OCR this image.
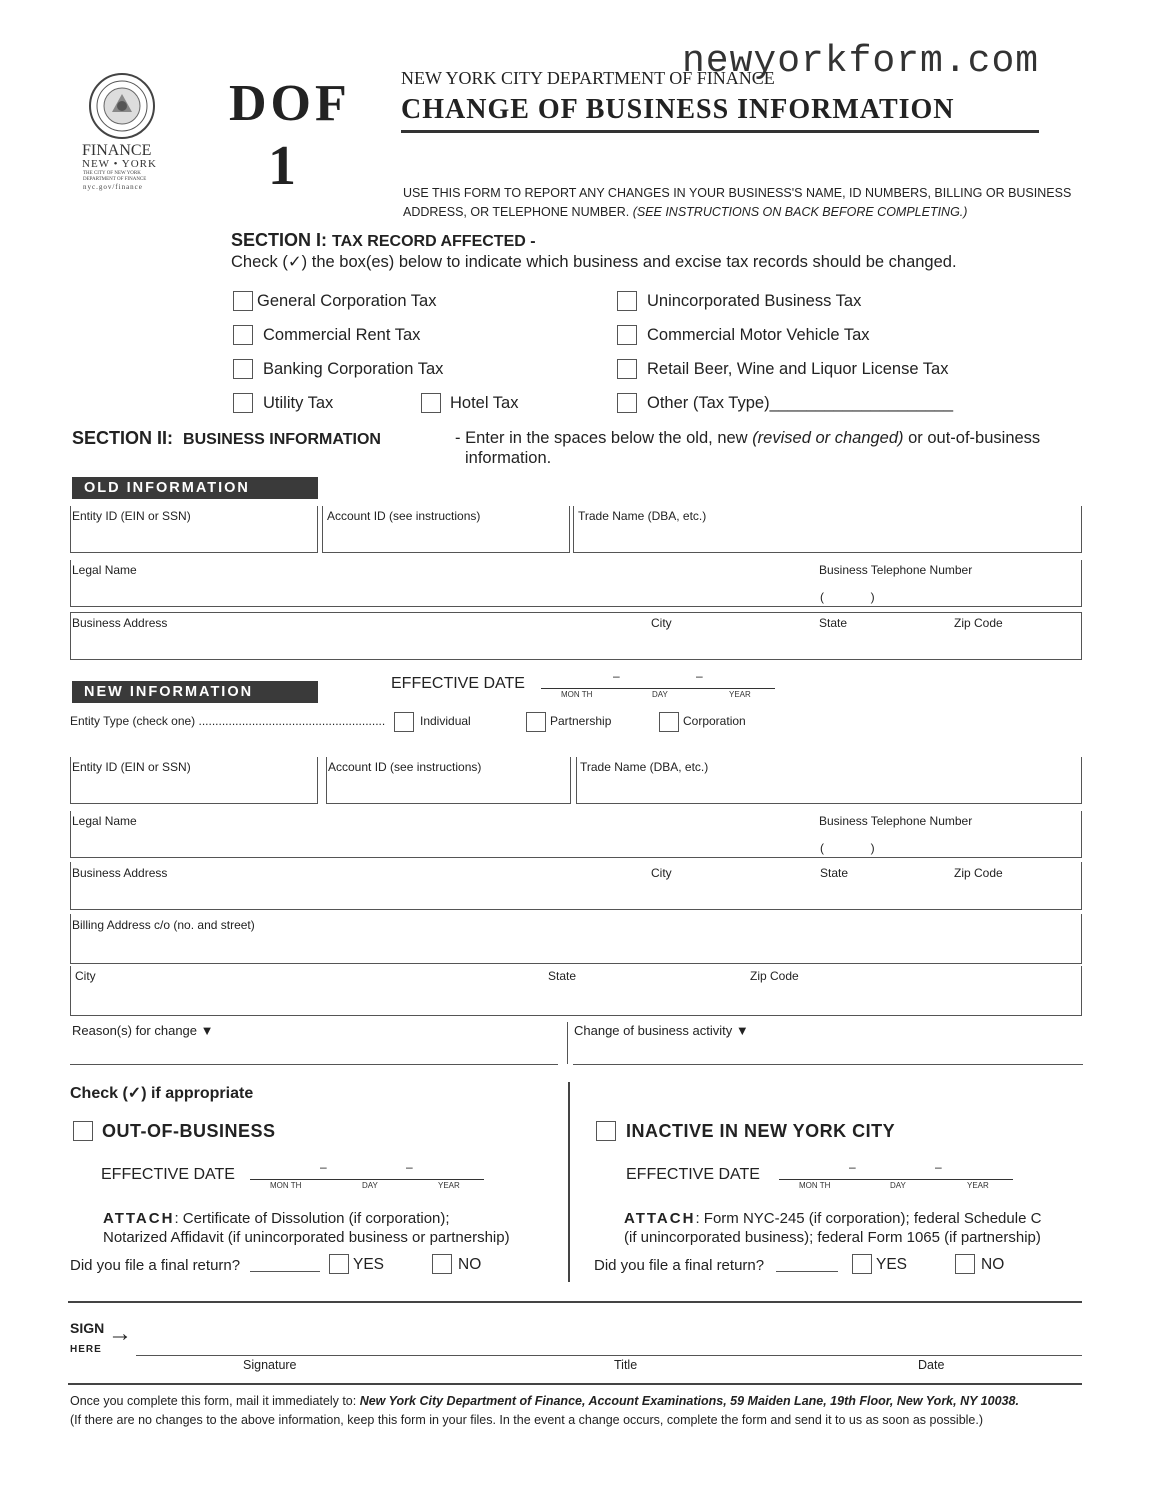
newyorkform.com
FINANCE
NEW • YORK
THE CITY OF NEW YORK
DEPARTMENT OF FINANCE
nyc.gov/finance
DOF
1
NEW YORK CITY DEPARTMENT OF FINANCE
CHANGE OF BUSINESS INFORMATION
USE THIS FORM TO REPORT ANY CHANGES IN YOUR BUSINESS'S NAME, ID NUMBERS, BILLING OR BUSINESS
ADDRESS, OR TELEPHONE NUMBER. (SEE INSTRUCTIONS ON BACK BEFORE COMPLETING.)
SECTION I: TAX RECORD AFFECTED -
Check (✓) the box(es) below to indicate which business and excise tax records should be changed.
General Corporation Tax
Commercial Rent Tax
Banking Corporation Tax
Utility Tax	Hotel Tax
Unincorporated Business Tax
Commercial Motor Vehicle Tax
Retail Beer, Wine and Liquor License Tax
Other (Tax Type)____________________
SECTION II: BUSINESS INFORMATION	- Enter in the spaces below the old, new (revised or changed) or out-of-business
information.
OLD INFORMATION
Entity ID (EIN or SSN)	Account ID (see instructions)	Trade Name (DBA, etc.)
Legal Name	Business Telephone Number
(              )
Business Address	City	State	Zip Code
NEW INFORMATION	EFFECTIVE DATE	–	–
MON TH	DAY	YEAR
Entity Type (check one) ........................................................	Individual	Partnership	Corporation
Entity ID (EIN or SSN)	Account ID (see instructions)	Trade Name (DBA, etc.)
Legal Name	Business Telephone Number
(              )
Business Address	City	State	Zip Code
Billing Address c/o (no. and street)
City	State	Zip Code
Reason(s) for change ▼	Change of business activity ▼
Check (✓) if appropriate
OUT-OF-BUSINESS
EFFECTIVE DATE	–	–
MON TH	DAY	YEAR
ATTACH: Certificate of Dissolution (if corporation);
Notarized Affidavit (if unincorporated business or partnership)
Did you file a final return?	YES	NO
INACTIVE IN NEW YORK CITY
EFFECTIVE DATE	–	–
MON TH	DAY	YEAR
ATTACH: Form NYC-245 (if corporation); federal Schedule C
(if unincorporated business); federal Form 1065 (if partnership)
Did you file a final return?	YES	NO
SIGN
HERE
→
Signature	Title	Date
Once you complete this form, mail it immediately to: New York City Department of Finance, Account Examinations, 59 Maiden Lane, 19th Floor, New York, NY 10038.
(If there are no changes to the above information, keep this form in your files. In the event a change occurs, complete the form and send it to us as soon as possible.)
